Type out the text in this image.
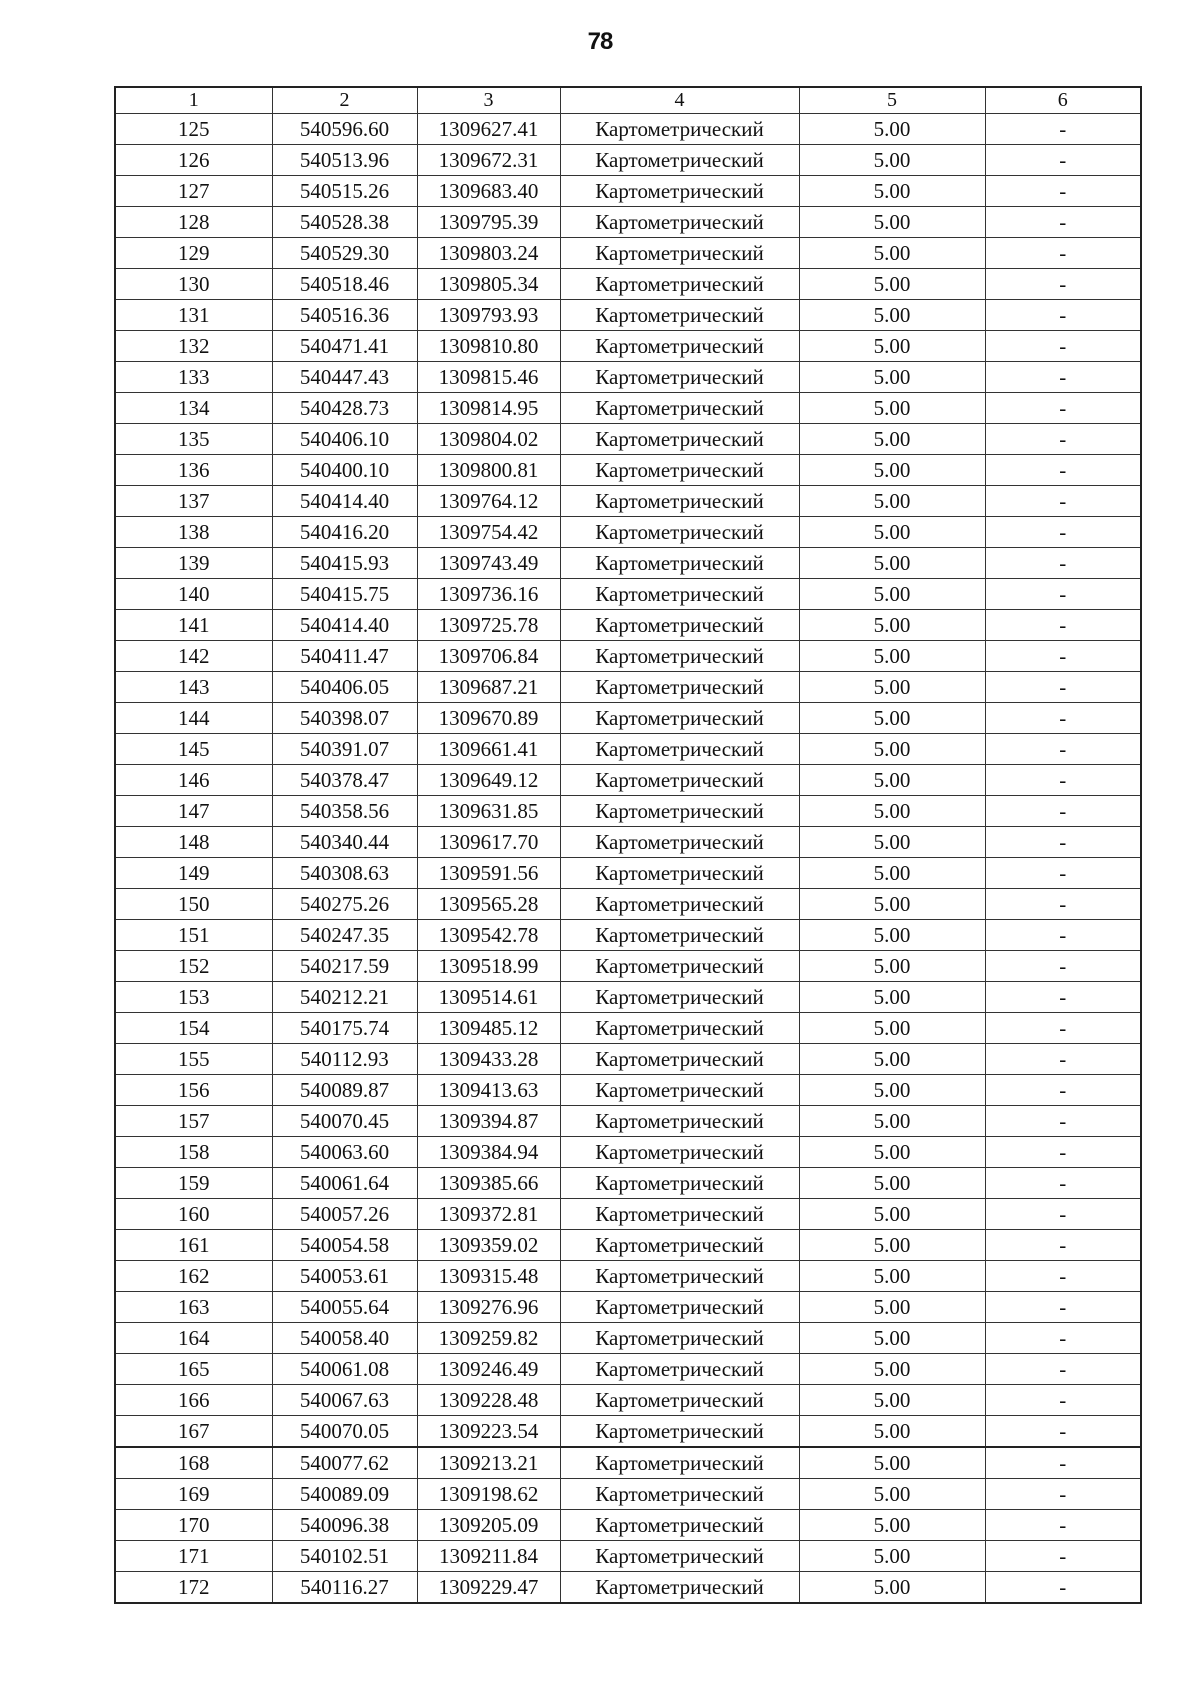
78
1	2	3	4	5	6
125	540596.60	1309627.41	Картометрический	5.00	-
126	540513.96	1309672.31	Картометрический	5.00	-
127	540515.26	1309683.40	Картометрический	5.00	-
128	540528.38	1309795.39	Картометрический	5.00	-
129	540529.30	1309803.24	Картометрический	5.00	-
130	540518.46	1309805.34	Картометрический	5.00	-
131	540516.36	1309793.93	Картометрический	5.00	-
132	540471.41	1309810.80	Картометрический	5.00	-
133	540447.43	1309815.46	Картометрический	5.00	-
134	540428.73	1309814.95	Картометрический	5.00	-
135	540406.10	1309804.02	Картометрический	5.00	-
136	540400.10	1309800.81	Картометрический	5.00	-
137	540414.40	1309764.12	Картометрический	5.00	-
138	540416.20	1309754.42	Картометрический	5.00	-
139	540415.93	1309743.49	Картометрический	5.00	-
140	540415.75	1309736.16	Картометрический	5.00	-
141	540414.40	1309725.78	Картометрический	5.00	-
142	540411.47	1309706.84	Картометрический	5.00	-
143	540406.05	1309687.21	Картометрический	5.00	-
144	540398.07	1309670.89	Картометрический	5.00	-
145	540391.07	1309661.41	Картометрический	5.00	-
146	540378.47	1309649.12	Картометрический	5.00	-
147	540358.56	1309631.85	Картометрический	5.00	-
148	540340.44	1309617.70	Картометрический	5.00	-
149	540308.63	1309591.56	Картометрический	5.00	-
150	540275.26	1309565.28	Картометрический	5.00	-
151	540247.35	1309542.78	Картометрический	5.00	-
152	540217.59	1309518.99	Картометрический	5.00	-
153	540212.21	1309514.61	Картометрический	5.00	-
154	540175.74	1309485.12	Картометрический	5.00	-
155	540112.93	1309433.28	Картометрический	5.00	-
156	540089.87	1309413.63	Картометрический	5.00	-
157	540070.45	1309394.87	Картометрический	5.00	-
158	540063.60	1309384.94	Картометрический	5.00	-
159	540061.64	1309385.66	Картометрический	5.00	-
160	540057.26	1309372.81	Картометрический	5.00	-
161	540054.58	1309359.02	Картометрический	5.00	-
162	540053.61	1309315.48	Картометрический	5.00	-
163	540055.64	1309276.96	Картометрический	5.00	-
164	540058.40	1309259.82	Картометрический	5.00	-
165	540061.08	1309246.49	Картометрический	5.00	-
166	540067.63	1309228.48	Картометрический	5.00	-
167	540070.05	1309223.54	Картометрический	5.00	-
168	540077.62	1309213.21	Картометрический	5.00	-
169	540089.09	1309198.62	Картометрический	5.00	-
170	540096.38	1309205.09	Картометрический	5.00	-
171	540102.51	1309211.84	Картометрический	5.00	-
172	540116.27	1309229.47	Картометрический	5.00	-
